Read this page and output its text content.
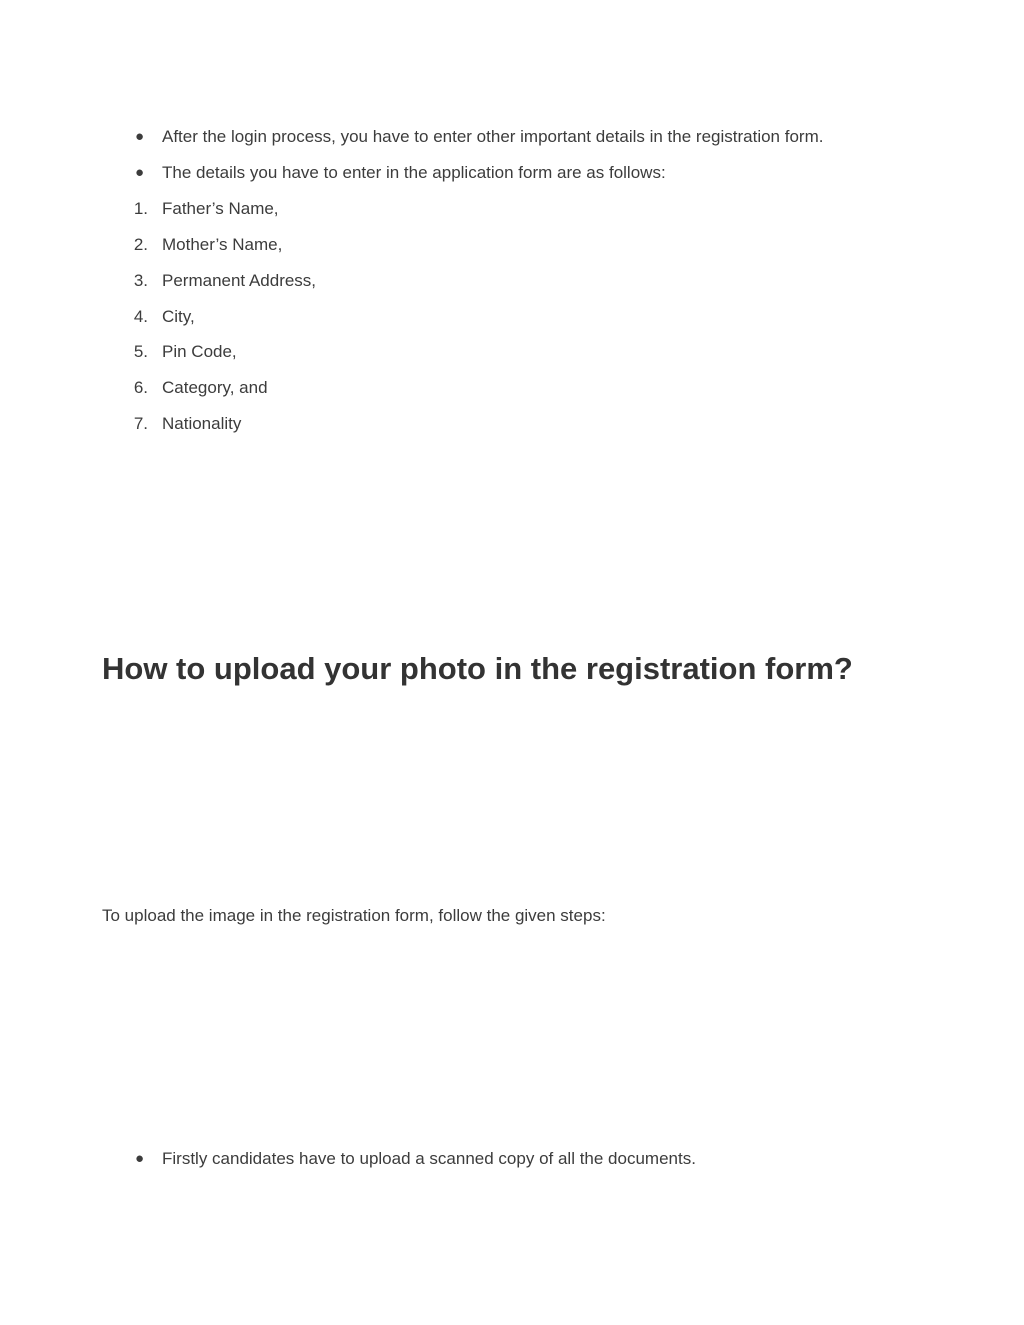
● After the login process, you have to enter other important details in the registration form.
● The details you have to enter in the application form are as follows:
1. Father’s Name,
2. Mother’s Name,
3. Permanent Address,
4. City,
5. Pin Code,
6. Category, and
7. Nationality
How to upload your photo in the registration form?

To upload the image in the registration form, follow the given steps:

● Firstly candidates have to upload a scanned copy of all the documents.
